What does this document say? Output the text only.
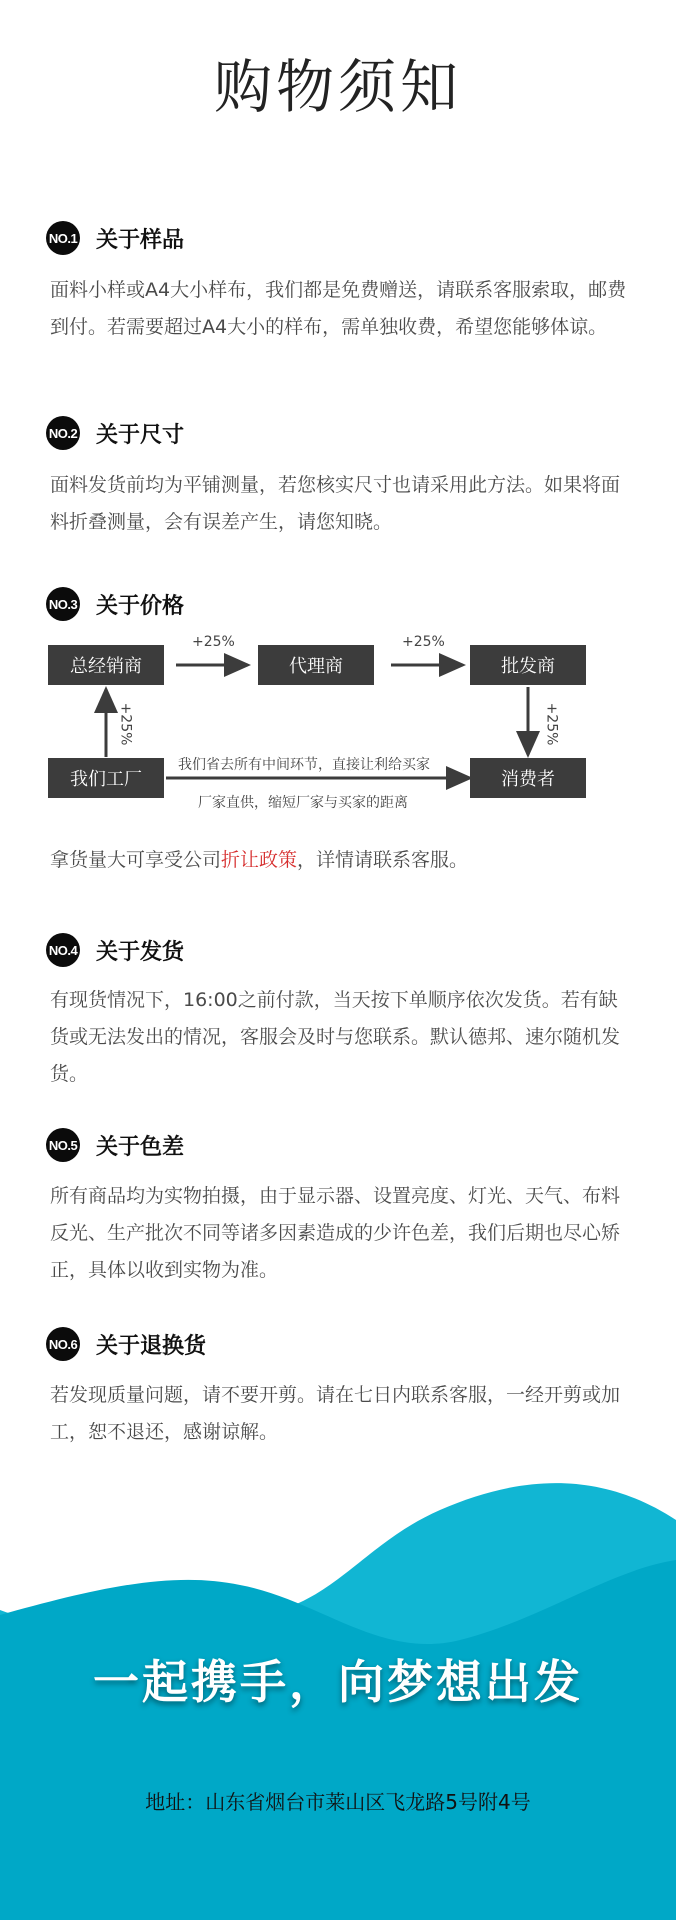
购物须知
NO.1 关于样品
面料小样或A4大小样布，我们都是免费赠送，请联系客服索取，邮费到付。若需要超过A4大小的样布，需单独收费，希望您能够体谅。
NO.2 关于尺寸
面料发货前均为平铺测量，若您核实尺寸也请采用此方法。如果将面料折叠测量，会有误差产生，请您知晓。
NO.3 关于价格
总经销商	代理商	批发商
我们工厂	消费者
+25%	+25%
+25%	+25%
我们省去所有中间环节，直接让利给买家
厂家直供，缩短厂家与买家的距离
拿货量大可享受公司折让政策，详情请联系客服。
NO.4 关于发货
有现货情况下，16:00之前付款，当天按下单顺序依次发货。若有缺货或无法发出的情况，客服会及时与您联系。默认德邦、速尔随机发货。
NO.5 关于色差
所有商品均为实物拍摄，由于显示器、设置亮度、灯光、天气、布料反光、生产批次不同等诸多因素造成的少许色差，我们后期也尽心矫正，具体以收到实物为准。
NO.6 关于退换货
若发现质量问题，请不要开剪。请在七日内联系客服，一经开剪或加工，恕不退还，感谢谅解。
一起携手，向梦想出发
地址：山东省烟台市莱山区飞龙路5号附4号
